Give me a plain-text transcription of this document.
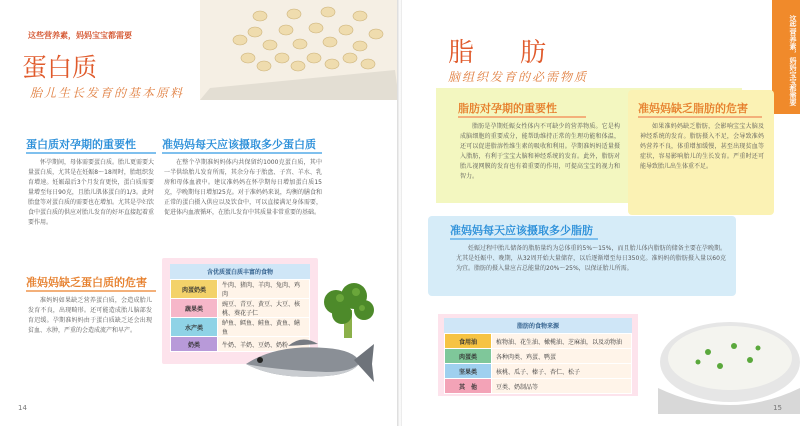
这些营养素，妈妈宝宝都需要
蛋白质
胎儿生长发育的基本原料
蛋白质对孕期的重要性
怀孕期间，母体需要蛋白质。胎儿更需要大量蛋白质，尤其是在妊娠8～18周时，胎组织发育增速。妊娠最后3个月发育更快，蛋白质需要量增至每日90克，且胎儿肌体蛋白的1/3。此时胎盘等对蛋白质的需要也在增加。尤其是孕妇饮食中蛋白质的供应对胎儿发育的好坏直接起着重要作用。
准妈妈每天应该摄取多少蛋白质
在整个孕期准妈妈体内共保留约1000克蛋白质，其中一半供给胎儿发育所需，其余分布于胎盘、子宫、羊水、乳房和母体血液中。建议准妈妈在怀孕期每日增加蛋白质15克，孕晚期每日增加25克。对于准妈妈来说，均衡的膳食和正常的蛋白摄入供应以及饮食中，可以直接满足身体需要，促进体内血液循环，在胎儿发育中其质量非常重要的基础。
准妈妈缺乏蛋白质的危害
准妈妈如果缺乏营养蛋白质，会造成胎儿发育不良，出现畸形。还可能造成胎儿脑部发育迟缓。孕期准妈妈由于蛋白质缺乏还会出现贫血、水肿，严重的会造成流产和早产。
含优质蛋白质丰富的食物
肉蛋奶类	牛肉、猪肉、羊肉、兔肉、鸡肉
蔬果类	豌豆、青豆、黄豆、大豆、核桃、葵花子仁
水产类	鲈鱼、鳕鱼、鲑鱼、黄鱼、鳝鱼
奶类	牛奶、羊奶、豆奶、奶粉
14
这些营养素，妈妈宝宝都需要
脂　肪
脑组织发育的必需物质
脂肪对孕期的重要性
脂肪是孕期妊娠女性体内不可缺少的营养物质。它是构成脑细胞的重要成分，能帮助维持正常的生理功能和体温，还可以促进脂溶性维生素的吸收和利用。孕期准妈妈适量摄入脂肪，有利于宝宝大脑和神经系统的发育。此外，脂肪对胎儿视网膜的发育也有着重要的作用，可提高宝宝的视力和智力。
准妈妈缺乏脂肪的危害
如果准妈妈缺乏脂肪，会影响宝宝大脑及神经系统的发育。脂肪摄入不足，会导致准妈妈营养不良，体重增加缓慢，甚至出现贫血等症状，容易影响胎儿的生长发育。严重时还可能导致胎儿出生体重不足。
准妈妈每天应该摄取多少脂肪
妊娠过程中胎儿储备的脂肪量约为总体重的5%～15%，而且胎儿体内脂肪的储备主要在孕晚期。尤其是妊娠中、晚期，从32周开始大量储存，以后逐渐增至每日350克。准妈妈的脂肪摄入量以60克为宜。脂肪的摄入量应占总能量的20%～25%，以保证胎儿所需。
脂肪的食物来源
食用油	植物油、花生油、橄榄油、芝麻油，以及动物油
肉蛋类	各种肉类、鸡蛋、鸭蛋
坚果类	核桃、瓜子、榛子、杏仁、松子
其　他	豆类、奶制品等
15
